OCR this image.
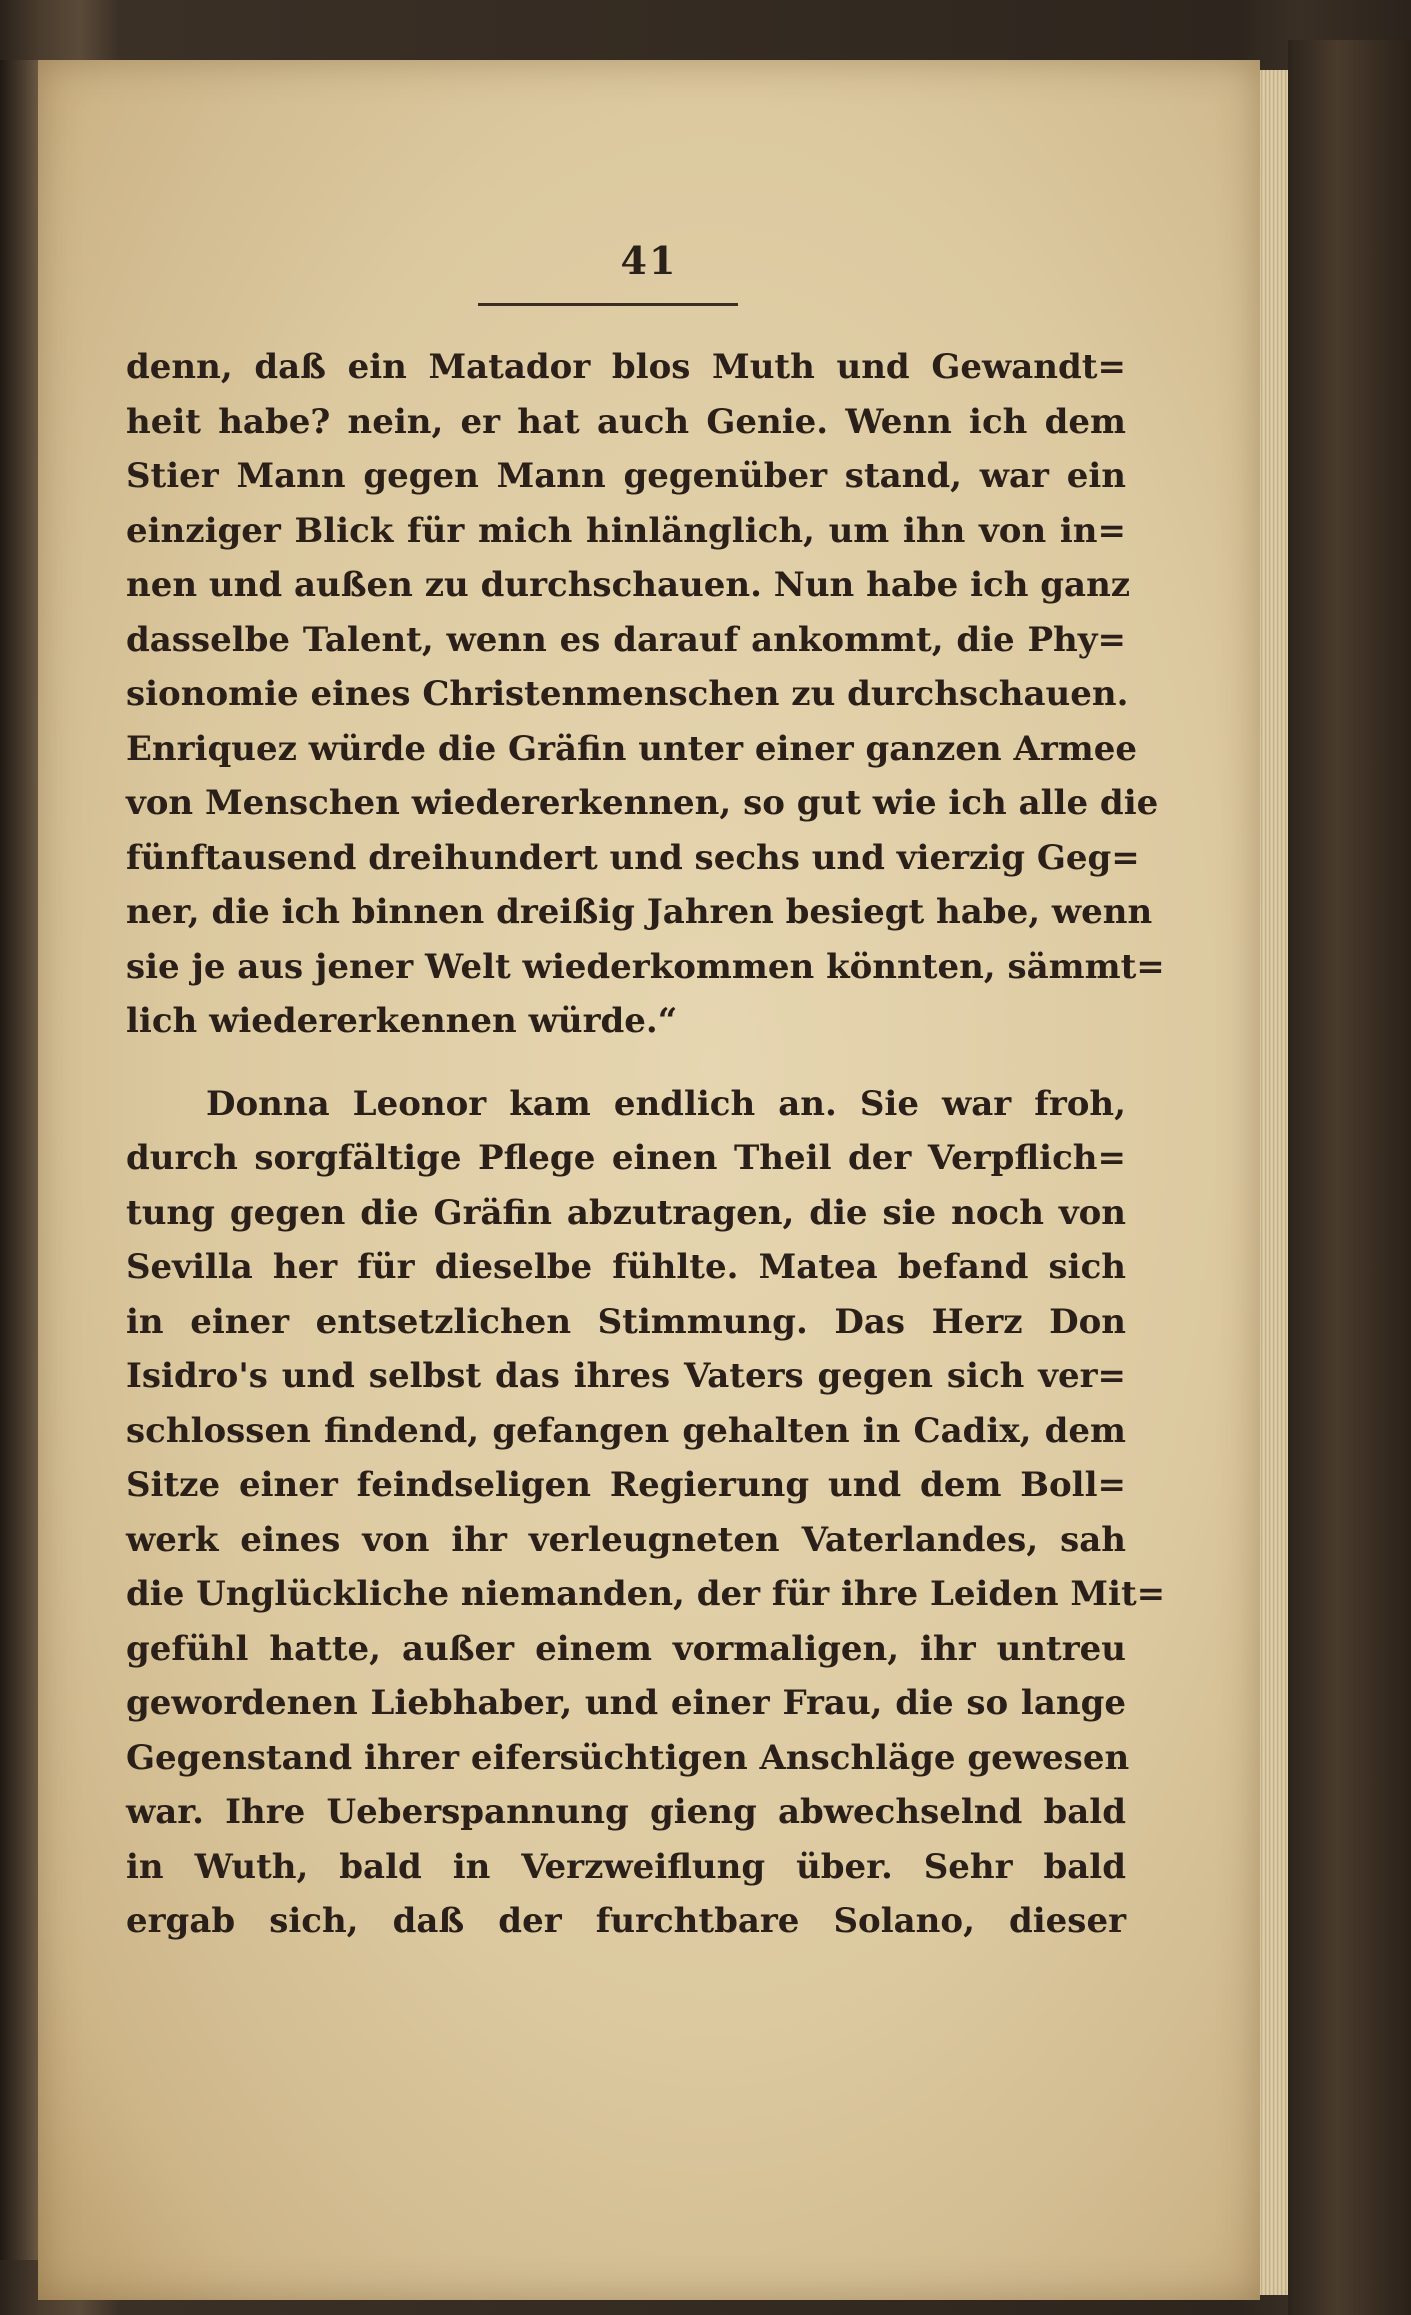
41
denn, daß ein Matador blos Muth und Gewandt=
heit habe? nein, er hat auch Genie. Wenn ich dem
Stier Mann gegen Mann gegenüber stand, war ein
einziger Blick für mich hinlänglich, um ihn von in=
nen und außen zu durchschauen. Nun habe ich ganz
dasselbe Talent, wenn es darauf ankommt, die Phy=
sionomie eines Christenmenschen zu durchschauen.
Enriquez würde die Gräfin unter einer ganzen Armee
von Menschen wiedererkennen, so gut wie ich alle die
fünftausend dreihundert und sechs und vierzig Geg=
ner, die ich binnen dreißig Jahren besiegt habe, wenn
sie je aus jener Welt wiederkommen könnten, sämmt=
lich wiedererkennen würde.“
Donna Leonor kam endlich an. Sie war froh,
durch sorgfältige Pflege einen Theil der Verpflich=
tung gegen die Gräfin abzutragen, die sie noch von
Sevilla her für dieselbe fühlte. Matea befand sich
in einer entsetzlichen Stimmung. Das Herz Don
Isidro's und selbst das ihres Vaters gegen sich ver=
schlossen findend, gefangen gehalten in Cadix, dem
Sitze einer feindseligen Regierung und dem Boll=
werk eines von ihr verleugneten Vaterlandes, sah
die Unglückliche niemanden, der für ihre Leiden Mit=
gefühl hatte, außer einem vormaligen, ihr untreu
gewordenen Liebhaber, und einer Frau, die so lange
Gegenstand ihrer eifersüchtigen Anschläge gewesen
war. Ihre Ueberspannung gieng abwechselnd bald
in Wuth, bald in Verzweiflung über. Sehr bald
ergab sich, daß der furchtbare Solano, dieser
